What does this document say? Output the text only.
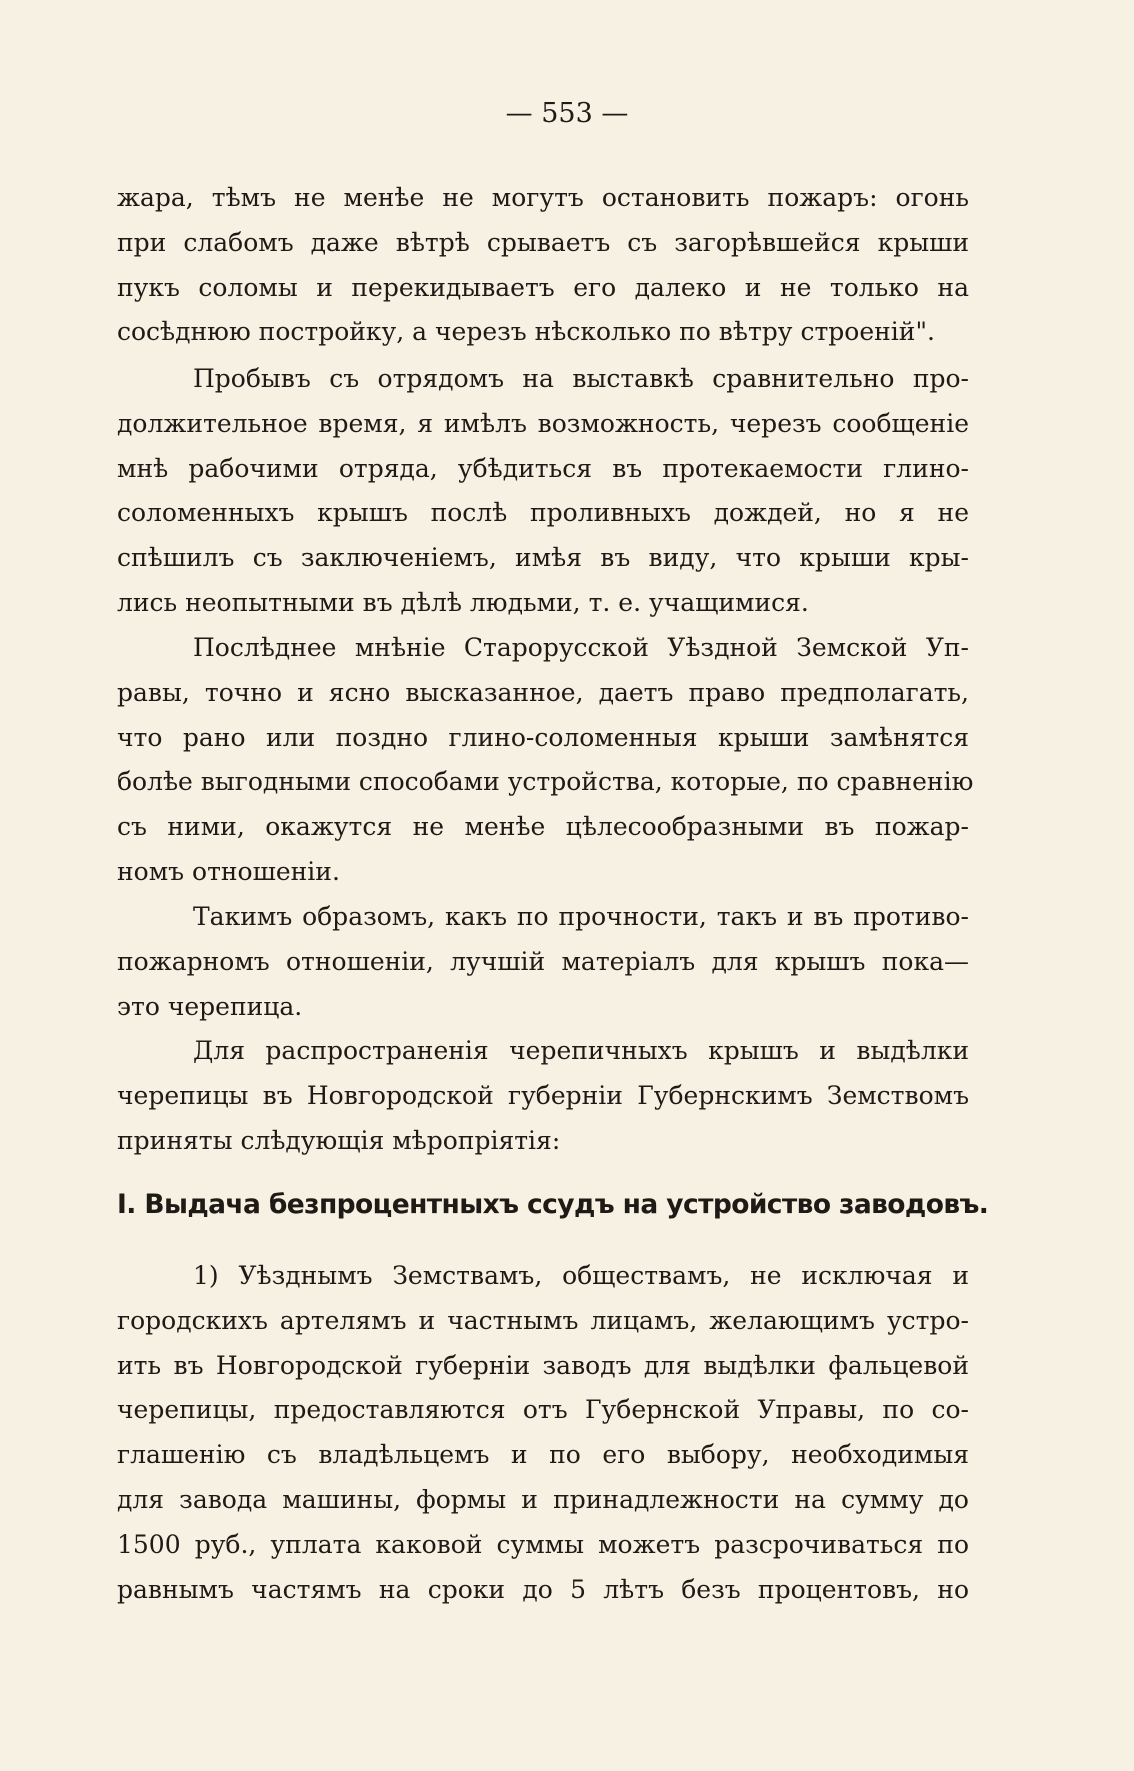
— 553 —

жара, тѣмъ не менѣе не могутъ остановить пожаръ: огонь
при слабомъ даже вѣтрѣ срываетъ съ загорѣвшейся крыши
пукъ соломы и перекидываетъ его далеко и не только на
сосѣднюю постройку, а черезъ нѣсколько по вѣтру строеній".
Пробывъ съ отрядомъ на выставкѣ сравнительно про-
должительное время, я имѣлъ возможность, черезъ сообщеніе
мнѣ рабочими отряда, убѣдиться въ протекаемости глино-
соломенныхъ крышъ послѣ проливныхъ дождей, но я не
спѣшилъ съ заключеніемъ, имѣя въ виду, что крыши кры-
лись неопытными въ дѣлѣ людьми, т. е. учащимися.
Послѣднее мнѣніе Старорусской Уѣздной Земской Уп-
равы, точно и ясно высказанное, даетъ право предполагать,
что рано или поздно глино-соломенныя крыши замѣнятся
болѣе выгодными способами устройства, которые, по сравненію
съ ними, окажутся не менѣе цѣлесообразными въ пожар-
номъ отношеніи.
Такимъ образомъ, какъ по прочности, такъ и въ противо-
пожарномъ отношеніи, лучшій матеріалъ для крышъ пока—
это черепица.
Для распространенія черепичныхъ крышъ и выдѣлки
черепицы въ Новгородской губерніи Губернскимъ Земствомъ
приняты слѣдующія мѣропріятія:
I. Выдача безпроцентныхъ ссудъ на устройство заводовъ.
1) Уѣзднымъ Земствамъ, обществамъ, не исключая и
городскихъ артелямъ и частнымъ лицамъ, желающимъ устро-
ить въ Новгородской губерніи заводъ для выдѣлки фальцевой
черепицы, предоставляются отъ Губернской Управы, по со-
глашенію съ владѣльцемъ и по его выбору, необходимыя
для завода машины, формы и принадлежности на сумму до
1500 руб., уплата каковой суммы можетъ разсрочиваться по
равнымъ частямъ на сроки до 5 лѣтъ безъ процентовъ, но
